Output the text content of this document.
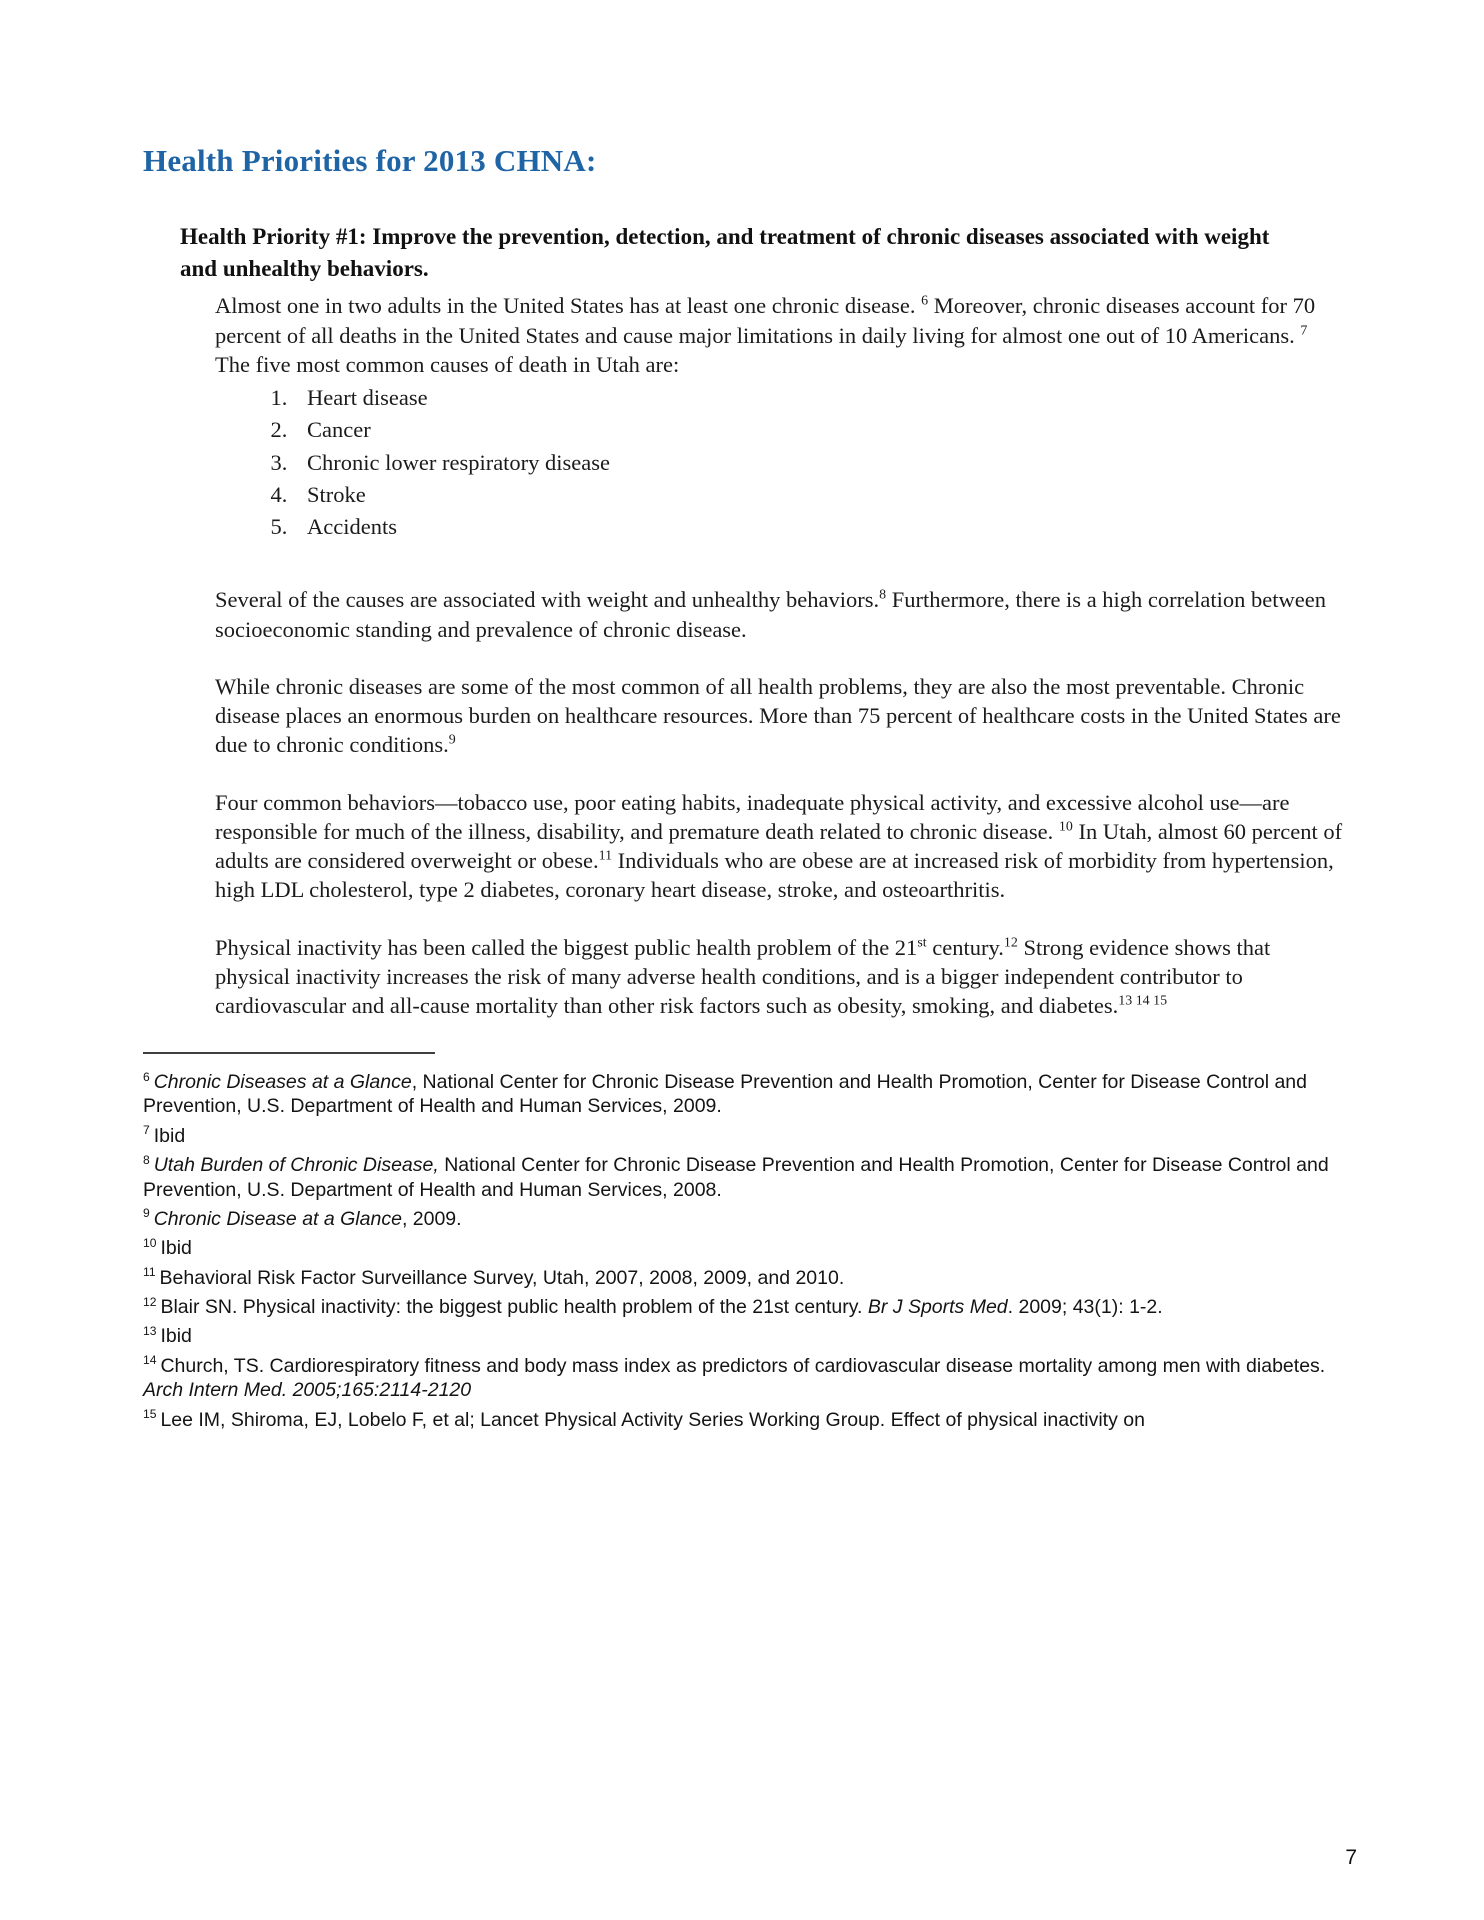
Health Priorities for 2013 CHNA:
Health Priority #1: Improve the prevention, detection, and treatment of chronic diseases associated with weight and unhealthy behaviors.

Almost one in two adults in the United States has at least one chronic disease. $^6$ Moreover, chronic diseases account for 70 percent of all deaths in the United States and cause major limitations in daily living for almost one out of 10 Americans. $^7$ The five most common causes of death in Utah are:

1. Heart disease
2. Cancer
3. Chronic lower respiratory disease
4. Stroke
5. Accidents

Several of the causes are associated with weight and unhealthy behaviors.$^8$ Furthermore, there is a high correlation between socioeconomic standing and prevalence of chronic disease.

While chronic diseases are some of the most common of all health problems, they are also the most preventable. Chronic disease places an enormous burden on healthcare resources. More than 75 percent of healthcare costs in the United States are due to chronic conditions.$^9$

Four common behaviors—tobacco use, poor eating habits, inadequate physical activity, and excessive alcohol use—are responsible for much of the illness, disability, and premature death related to chronic disease. $^{10}$ In Utah, almost 60 percent of adults are considered overweight or obese.$^{11}$ Individuals who are obese are at increased risk of morbidity from hypertension, high LDL cholesterol, type 2 diabetes, coronary heart disease, stroke, and osteoarthritis.

Physical inactivity has been called the biggest public health problem of the 21st century.$^{12}$ Strong evidence shows that physical inactivity increases the risk of many adverse health conditions, and is a bigger independent contributor to cardiovascular and all-cause mortality than other risk factors such as obesity, smoking, and diabetes.$^{13 14 15}$

$^6$ Chronic Diseases at a Glance, National Center for Chronic Disease Prevention and Health Promotion, Center for Disease Control and Prevention, U.S. Department of Health and Human Services, 2009.
$^7$ Ibid
$^8$ Utah Burden of Chronic Disease, National Center for Chronic Disease Prevention and Health Promotion, Center for Disease Control and Prevention, U.S. Department of Health and Human Services, 2008.
$^9$ Chronic Disease at a Glance, 2009.
$^{10}$ Ibid
$^{11}$ Behavioral Risk Factor Surveillance Survey, Utah, 2007, 2008, 2009, and 2010.
$^{12}$ Blair SN. Physical inactivity: the biggest public health problem of the 21st century. Br J Sports Med. 2009; 43(1): 1-2.
$^{13}$ Ibid
$^{14}$ Church, TS. Cardiorespiratory fitness and body mass index as predictors of cardiovascular disease mortality among men with diabetes. Arch Intern Med. 2005;165:2114-2120
$^{15}$ Lee IM, Shiroma, EJ, Lobelo F, et al; Lancet Physical Activity Series Working Group. Effect of physical inactivity on
7
